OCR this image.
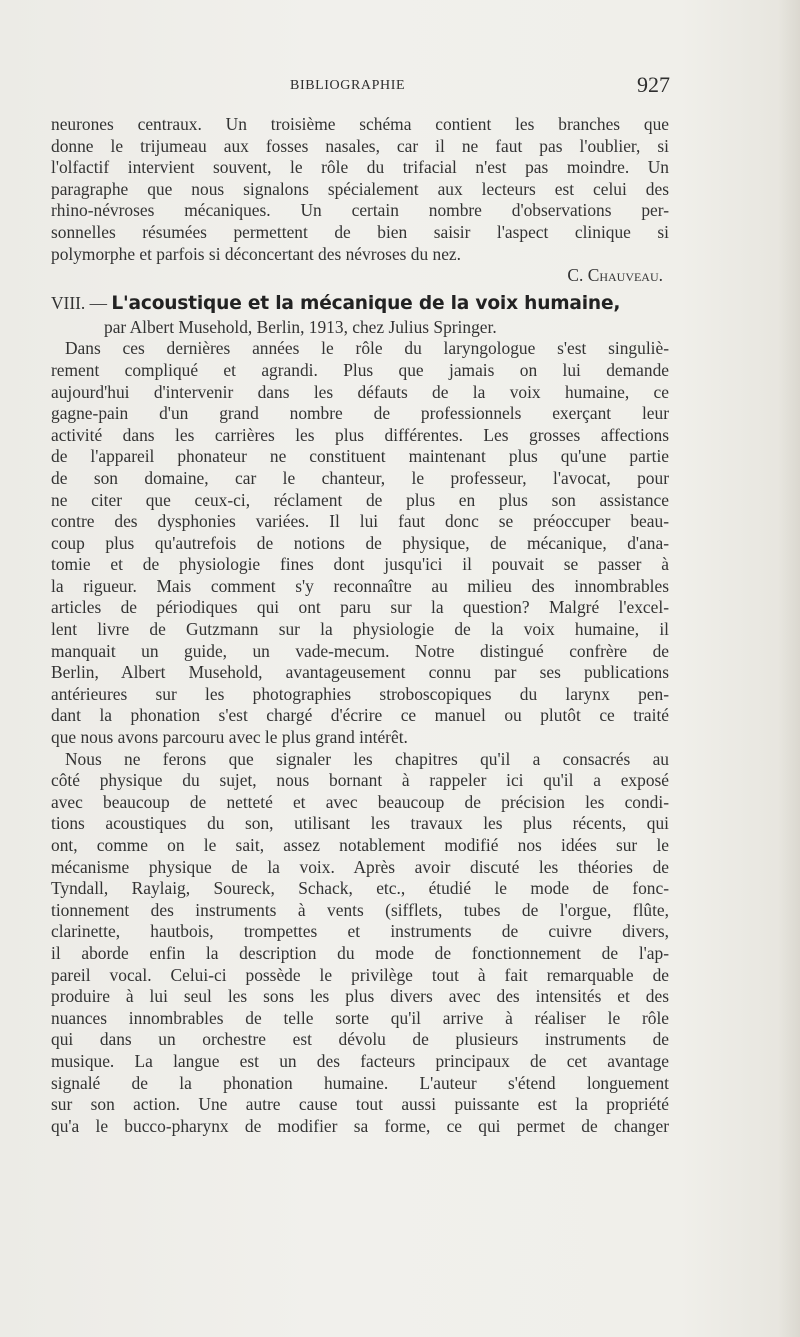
BIBLIOGRAPHIE	927
neurones centraux. Un troisième schéma contient les branches que
donne le trijumeau aux fosses nasales, car il ne faut pas l'oublier, si
l'olfactif intervient souvent, le rôle du trifacial n'est pas moindre. Un
paragraphe que nous signalons spécialement aux lecteurs est celui des
rhino-névroses mécaniques. Un certain nombre d'observations per-
sonnelles résumées permettent de bien saisir l'aspect clinique si
polymorphe et parfois si déconcertant des névroses du nez.
C. Chauveau.
VIII. — L'acoustique et la mécanique de la voix humaine,
par Albert Musehold, Berlin, 1913, chez Julius Springer.
Dans ces dernières années le rôle du laryngologue s'est singuliè-
rement compliqué et agrandi. Plus que jamais on lui demande
aujourd'hui d'intervenir dans les défauts de la voix humaine, ce
gagne-pain d'un grand nombre de professionnels exerçant leur
activité dans les carrières les plus différentes. Les grosses affections
de l'appareil phonateur ne constituent maintenant plus qu'une partie
de son domaine, car le chanteur, le professeur, l'avocat, pour
ne citer que ceux-ci, réclament de plus en plus son assistance
contre des dysphonies variées. Il lui faut donc se préoccuper beau-
coup plus qu'autrefois de notions de physique, de mécanique, d'ana-
tomie et de physiologie fines dont jusqu'ici il pouvait se passer à
la rigueur. Mais comment s'y reconnaître au milieu des innombrables
articles de périodiques qui ont paru sur la question? Malgré l'excel-
lent livre de Gutzmann sur la physiologie de la voix humaine, il
manquait un guide, un vade-mecum. Notre distingué confrère de
Berlin, Albert Musehold, avantageusement connu par ses publications
antérieures sur les photographies stroboscopiques du larynx pen-
dant la phonation s'est chargé d'écrire ce manuel ou plutôt ce traité
que nous avons parcouru avec le plus grand intérêt.
Nous ne ferons que signaler les chapitres qu'il a consacrés au
côté physique du sujet, nous bornant à rappeler ici qu'il a exposé
avec beaucoup de netteté et avec beaucoup de précision les condi-
tions acoustiques du son, utilisant les travaux les plus récents, qui
ont, comme on le sait, assez notablement modifié nos idées sur le
mécanisme physique de la voix. Après avoir discuté les théories de
Tyndall, Raylaig, Soureck, Schack, etc., étudié le mode de fonc-
tionnement des instruments à vents (sifflets, tubes de l'orgue, flûte,
clarinette, hautbois, trompettes et instruments de cuivre divers,
il aborde enfin la description du mode de fonctionnement de l'ap-
pareil vocal. Celui-ci possède le privilège tout à fait remarquable de
produire à lui seul les sons les plus divers avec des intensités et des
nuances innombrables de telle sorte qu'il arrive à réaliser le rôle
qui dans un orchestre est dévolu de plusieurs instruments de
musique. La langue est un des facteurs principaux de cet avantage
signalé de la phonation humaine. L'auteur s'étend longuement
sur son action. Une autre cause tout aussi puissante est la propriété
qu'a le bucco-pharynx de modifier sa forme, ce qui permet de changer
